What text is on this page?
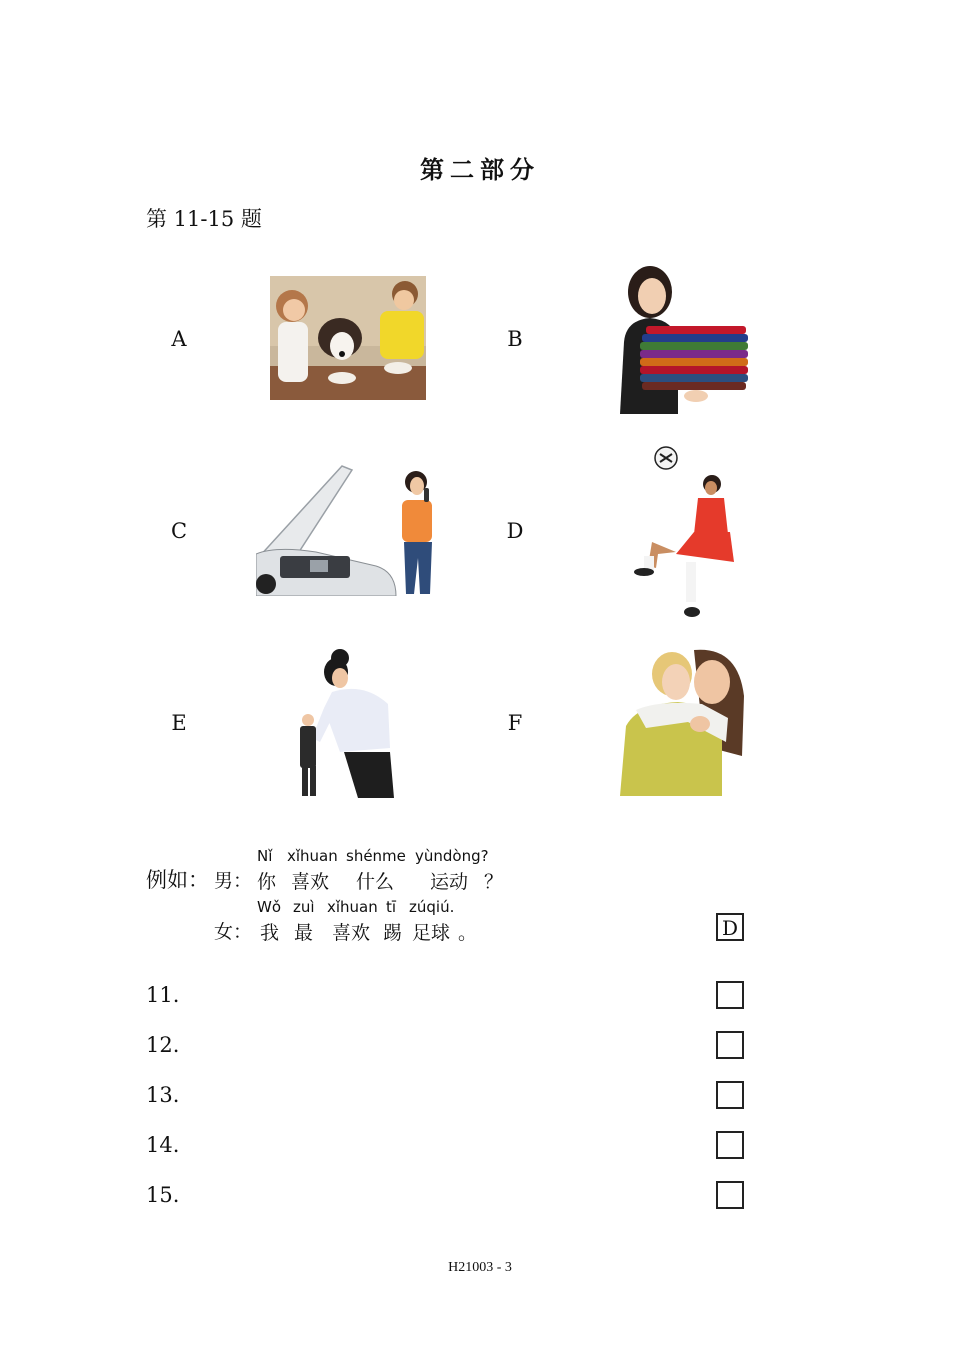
第二部分
第 11-15 题
A	B
C	D
E	F
例如： 男：
女：
Nǐ xǐhuan shénme yùndòng?
你 喜欢 什么 运动 ？
Wǒ zuì xǐhuan tī zúqiú.
我 最 喜欢 踢 足球 。	D
11.
12.
13.
14.
15.
H21003 - 3
